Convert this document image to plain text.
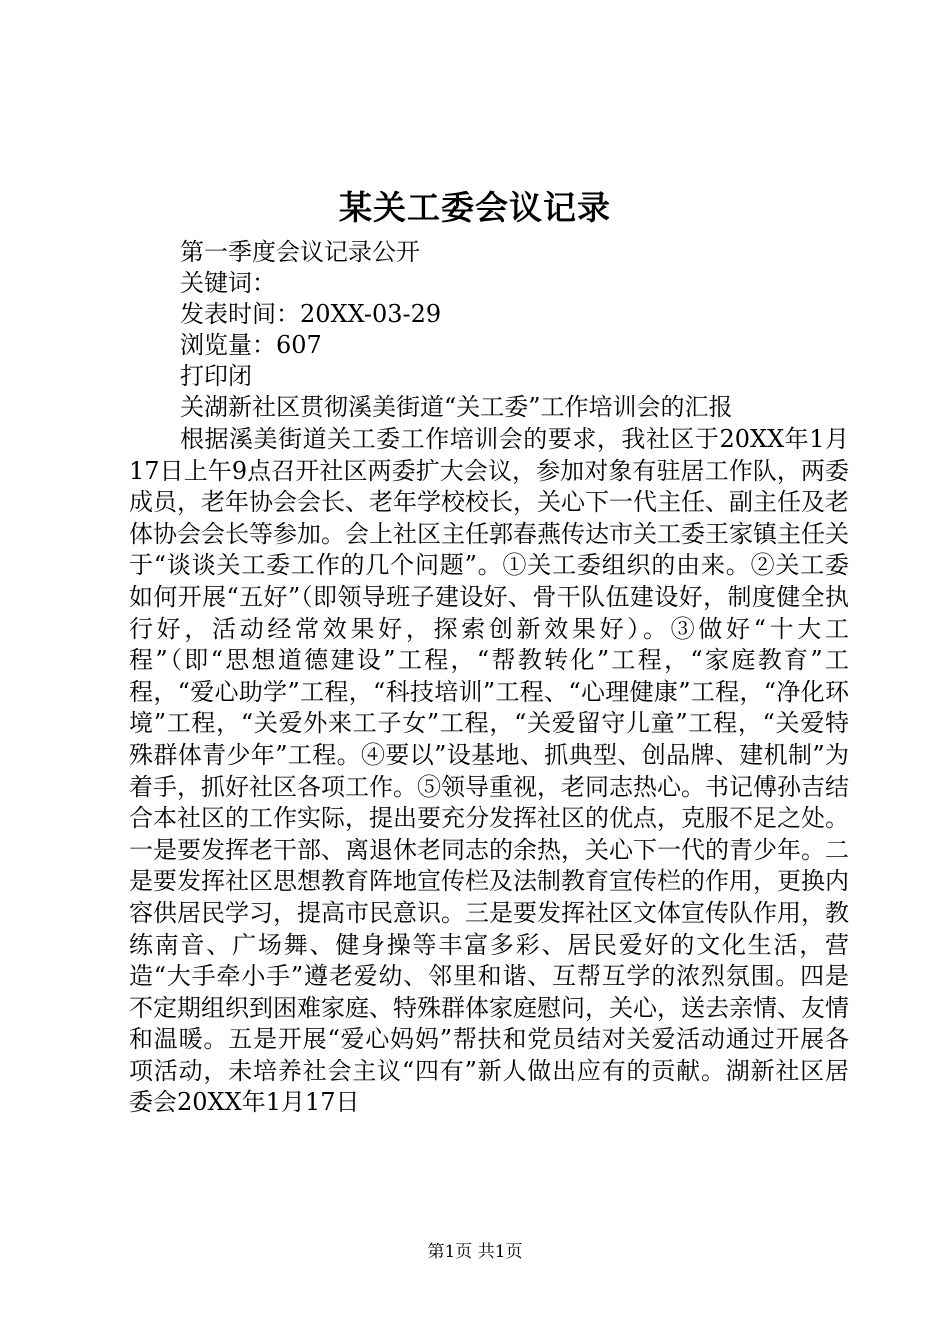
某关工委会议记录
第一季度会议记录公开
关键词：
发表时间：20XX-03-29
浏览量：607
打印闭
关湖新社区贯彻溪美街道“关工委”工作培训会的汇报
根据溪美街道关工委工作培训会的要求，我社区于20XX年1月17日上午9点召开社区两委扩大会议，参加对象有驻居工作队，两委成员，老年协会会长、老年学校校长，关心下一代主任、副主任及老体协会会长等参加。会上社区主任郭春燕传达市关工委王家镇主任关于“谈谈关工委工作的几个问题”。①关工委组织的由来。②关工委如何开展“五好”（即领导班子建设好、骨干队伍建设好，制度健全执行好，活动经常效果好，探索创新效果好）。③做好“十大工程”（即“思想道德建设”工程，“帮教转化”工程，“家庭教育”工程，“爱心助学”工程，“科技培训”工程、“心理健康”工程，“净化环境”工程，“关爱外来工子女”工程，“关爱留守儿童”工程，“关爱特殊群体青少年”工程。④要以”设基地、抓典型、创品牌、建机制”为着手，抓好社区各项工作。⑤领导重视，老同志热心。书记傅孙吉结合本社区的工作实际，提出要充分发挥社区的优点，克服不足之处。一是要发挥老干部、离退休老同志的余热，关心下一代的青少年。二是要发挥社区思想教育阵地宣传栏及法制教育宣传栏的作用，更换内容供居民学习，提高市民意识。三是要发挥社区文体宣传队作用，教练南音、广场舞、健身操等丰富多彩、居民爱好的文化生活，营造“大手牵小手”遵老爱幼、邻里和谐、互帮互学的浓烈氛围。四是不定期组织到困难家庭、特殊群体家庭慰问，关心，送去亲情、友情和温暖。五是开展“爱心妈妈”帮扶和党员结对关爱活动通过开展各项活动，未培养社会主议“四有”新人做出应有的贡献。湖新社区居委会20XX年1月17日
第1页 共1页
